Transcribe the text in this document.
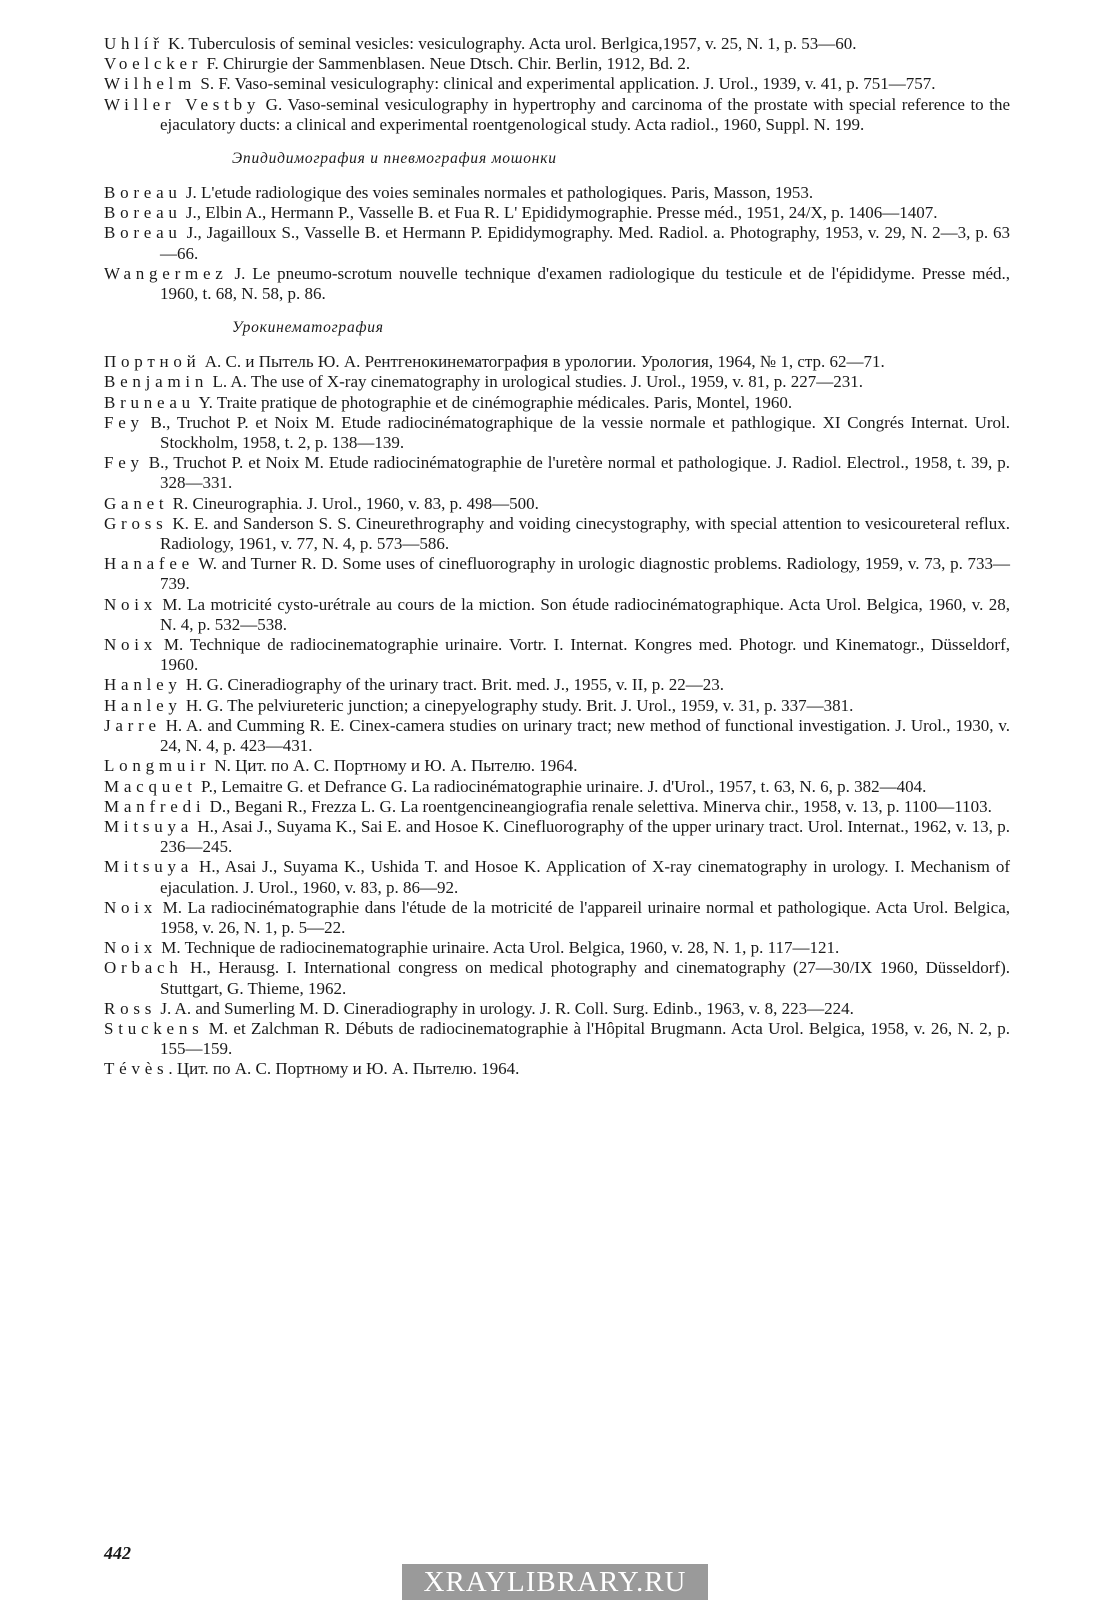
Uhlíř K. Tuberculosis of seminal vesicles: vesiculography. Acta urol. Berlgica,1957, v. 25, N. 1, p. 53—60.

Voelcker F. Chirurgie der Sammenblasen. Neue Dtsch. Chir. Berlin, 1912, Bd. 2.

Wilhelm S. F. Vaso-seminal vesiculography: clinical and experimental application. J. Urol., 1939, v. 41, p. 751—757.

Willer Vestby G. Vaso-seminal vesiculography in hypertrophy and carcinoma of the prostate with special reference to the ejaculatory ducts: a clinical and experimental roentgenological study. Acta radiol., 1960, Suppl. N. 199.

Эпидидимография и пневмография мошонки

Boreau J. L'etude radiologique des voies seminales normales et pathologiques. Paris, Masson, 1953.

Boreau J., Elbin A., Hermann P., Vasselle B. et Fua R. L' Epididymographie. Presse méd., 1951, 24/X, p. 1406—1407.

Boreau J., Jagailloux S., Vasselle B. et Hermann P. Epididymography. Med. Radiol. a. Photography, 1953, v. 29, N. 2—3, p. 63—66.

Wangermez J. Le pneumo-scrotum nouvelle technique d'examen radiologique du testicule et de l'épididyme. Presse méd., 1960, t. 68, N. 58, p. 86.

Урокинематография

Портной А. С. и Пытель Ю. А. Рентгенокинематография в урологии. Урология, 1964, № 1, стр. 62—71.

Benjamin L. A. The use of X-ray cinematography in urological studies. J. Urol., 1959, v. 81, p. 227—231.

Bruneau Y. Traite pratique de photographie et de cinémographie médicales. Paris, Montel, 1960.

Fey B., Truchot P. et Noix M. Etude radiocinématographique de la vessie normale et pathlogique. XI Congrés Internat. Urol. Stockholm, 1958, t. 2, p. 138—139.

Fey B., Truchot P. et Noix M. Etude radiocinématographie de l'uretère normal et pathologique. J. Radiol. Electrol., 1958, t. 39, p. 328—331.

Ganet R. Cineurographia. J. Urol., 1960, v. 83, p. 498—500.

Gross K. E. and Sanderson S. S. Cineurethrography and voiding cinecystography, with special attention to vesicoureteral reflux. Radiology, 1961, v. 77, N. 4, p. 573—586.

Hanafee W. and Turner R. D. Some uses of cinefluorography in urologic diagnostic problems. Radiology, 1959, v. 73, p. 733—739.

Noix M. La motricité cysto-urétrale au cours de la miction. Son étude radiocinématographique. Acta Urol. Belgica, 1960, v. 28, N. 4, p. 532—538.

Noix M. Technique de radiocinematographie urinaire. Vortr. I. Internat. Kongres med. Photogr. und Kinematogr., Düsseldorf, 1960.

Hanley H. G. Cineradiography of the urinary tract. Brit. med. J., 1955, v. II, p. 22—23.

Hanley H. G. The pelviureteric junction; a cinepyelography study. Brit. J. Urol., 1959, v. 31, p. 337—381.

Jarre H. A. and Cumming R. E. Cinex-camera studies on urinary tract; new method of functional investigation. J. Urol., 1930, v. 24, N. 4, p. 423—431.

Longmuir N. Цит. по А. С. Портному и Ю. А. Пытелю. 1964.

Macquet P., Lemaitre G. et Defrance G. La radiocinématographie urinaire. J. d'Urol., 1957, t. 63, N. 6, p. 382—404.

Manfredi D., Begani R., Frezza L. G. La roentgencineangiografia renale selettiva. Minerva chir., 1958, v. 13, p. 1100—1103.

Mitsuya H., Asai J., Suyama K., Sai E. and Hosoe K. Cinefluorography of the upper urinary tract. Urol. Internat., 1962, v. 13, p. 236—245.

Mitsuya H., Asai J., Suyama K., Ushida T. and Hosoe K. Application of X-ray cinematography in urology. I. Mechanism of ejaculation. J. Urol., 1960, v. 83, p. 86—92.

Noix M. La radiocinématographie dans l'étude de la motricité de l'appareil urinaire normal et pathologique. Acta Urol. Belgica, 1958, v. 26, N. 1, p. 5—22.

Noix M. Technique de radiocinematographie urinaire. Acta Urol. Belgica, 1960, v. 28, N. 1, p. 117—121.

Orbach H., Herausg. I. International congress on medical photography and cinematography (27—30/IX 1960, Düsseldorf). Stuttgart, G. Thieme, 1962.

Ross J. A. and Sumerling M. D. Cineradiography in urology. J. R. Coll. Surg. Edinb., 1963, v. 8, 223—224.

Stuckens M. et Zalchman R. Débuts de radiocinematographie à l'Hôpital Brugmann. Acta Urol. Belgica, 1958, v. 26, N. 2, p. 155—159.

Tévès. Цит. по А. С. Портному и Ю. А. Пытелю. 1964.

442
XRAYLIBRARY.RU
